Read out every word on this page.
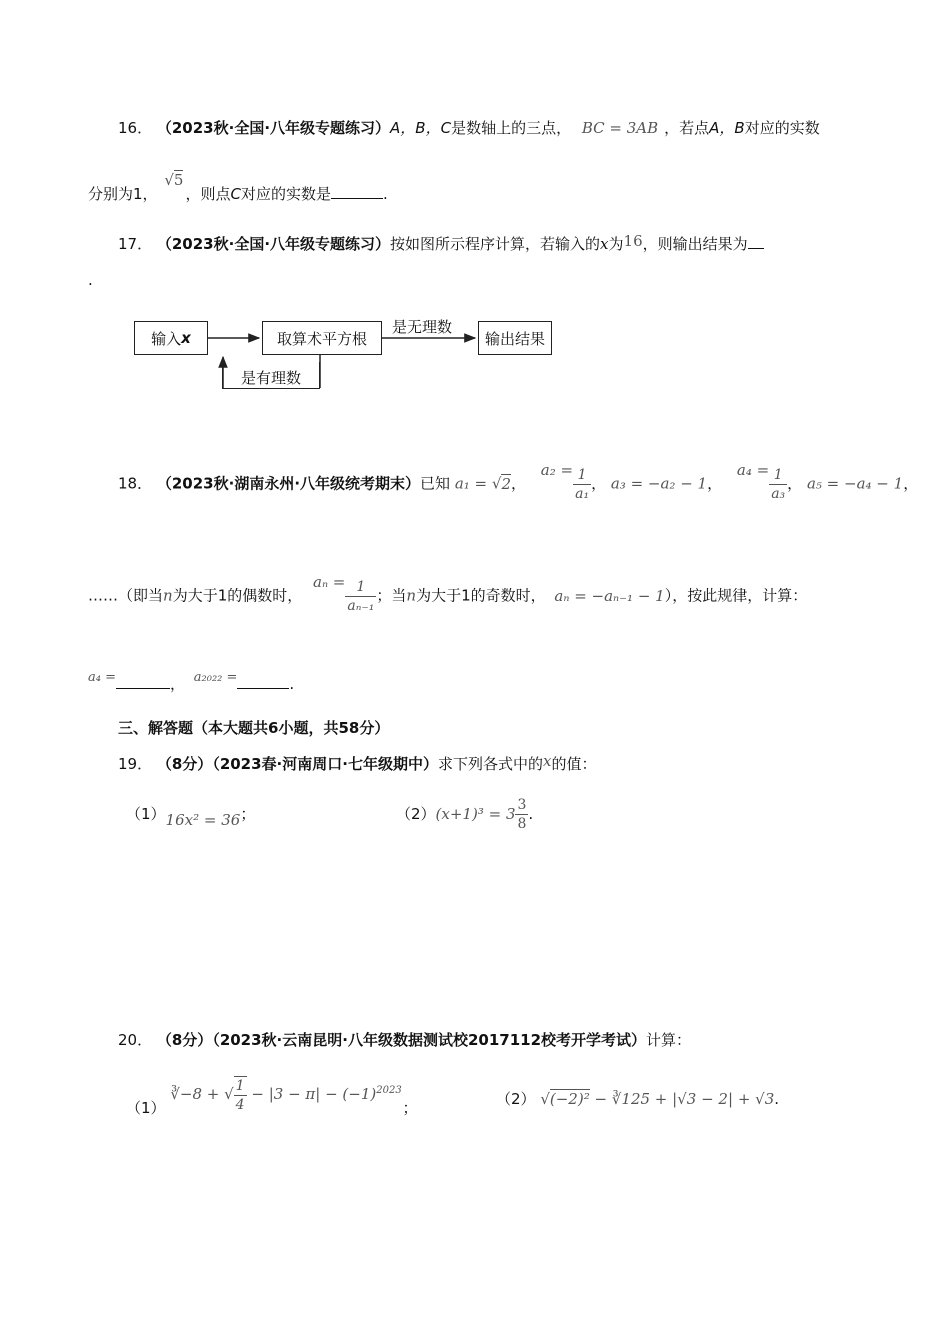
16． （2023秋·全国·八年级专题练习）A，B，C是数轴上的三点， BC = 3AB ，若点A，B对应的实数
分别为1， √5，则点C对应的实数是	.
17． （2023秋·全国·八年级专题练习）按如图所示程序计算，若输入的x为16，则输出结果为
.
输入 x	取算术平方根	输出结果
是有理数
是无理数
18． （2023秋·湖南永州·八年级统考期末）已知 a₁ = √2， $a_2 = \frac{1}{\text{a₁}}$ ， a₃ = −a₂ − 1， $a_4 = \frac{1}{\text{a₃}}$ ， a₅ = −a₄ − 1，
……（即当n为大于1的偶数时， $a_n = \frac{1}{\text{aₙ₋₁}}$ ；当n为大于1的奇数时， aₙ = −aₙ₋₁ − 1），按此规律，计算：
a₄ =	， a₂₀₂₂ =	.
三、解答题（本大题共6小题，共58分）
19． （8分）（2023春·河南周口·七年级期中）求下列各式中的x的值：
（1）16x² = 36；	$(2)(x+1)^3 = 3 \frac{3}{8}$ .
20． （8分）（2023秋·云南昆明·八年级数据测试校2017112校考开学考试）计算：
（1） ∛−8 + √ $\frac{1}{4} - |3 - \pi| - (-1)^{2023}$ ；	（2） √(−2)² − ∛125 + |√3 − 2| + √3.
